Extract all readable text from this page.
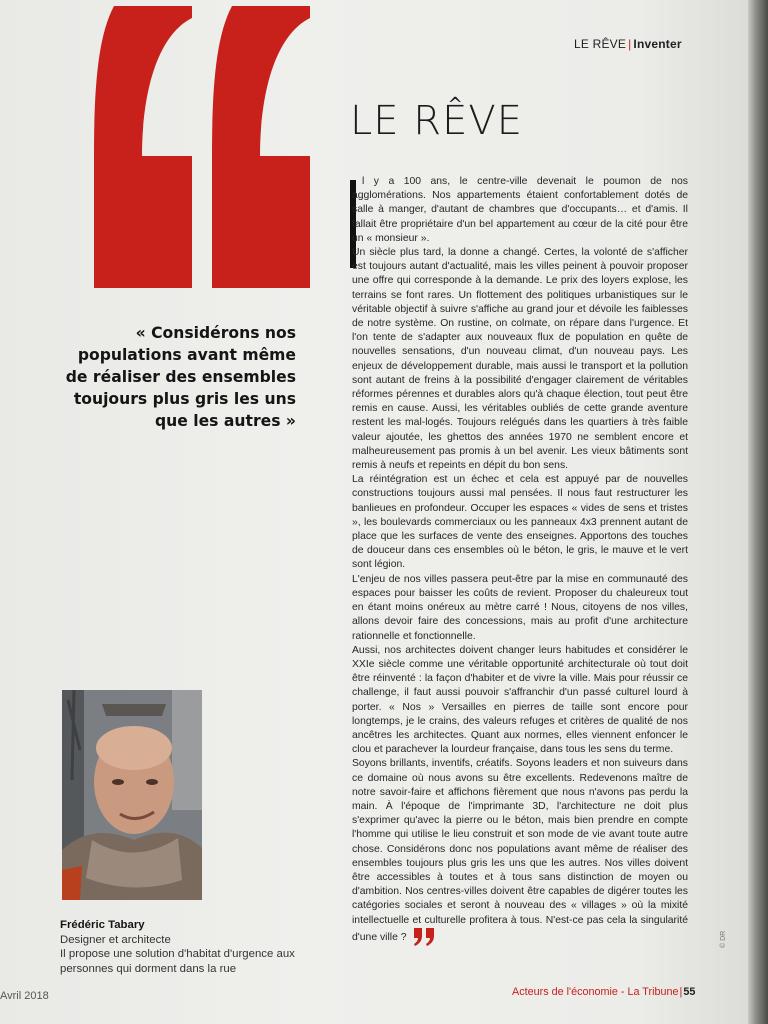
LE RÊVE | Inventer
LE RÊVE
« Considérons nos populations avant même de réaliser des ensembles toujours plus gris les uns que les autres »

l y a 100 ans, le centre-ville devenait le poumon de nos agglomérations. Nos appartements étaient confortablement dotés de salle à manger, d'autant de chambres que d'occupants… et d'amis. Il fallait être propriétaire d'un bel appartement au cœur de la cité pour être un « monsieur ».

Un siècle plus tard, la donne a changé. Certes, la volonté de s'afficher est toujours autant d'actualité, mais les villes peinent à pouvoir proposer une offre qui corresponde à la demande. Le prix des loyers explose, les terrains se font rares. Un flottement des politiques urbanistiques sur le véritable objectif à suivre s'affiche au grand jour et dévoile les faiblesses de notre système. On rustine, on colmate, on répare dans l'urgence. Et l'on tente de s'adapter aux nouveaux flux de population en quête de nouvelles sensations, d'un nouveau climat, d'un nouveau pays. Les enjeux de développement durable, mais aussi le transport et la pollution sont autant de freins à la possibilité d'engager clairement de véritables réformes pérennes et durables alors qu'à chaque élection, tout peut être remis en cause. Aussi, les véritables oubliés de cette grande aventure restent les mal-logés. Toujours relégués dans les quartiers à très faible valeur ajoutée, les ghettos des années 1970 ne semblent encore et malheureusement pas promis à un bel avenir. Les vieux bâtiments sont remis à neufs et repeints en dépit du bon sens.

La réintégration est un échec et cela est appuyé par de nouvelles constructions toujours aussi mal pensées. Il nous faut restructurer les banlieues en profondeur. Occuper les espaces « vides de sens et tristes », les boulevards commerciaux ou les panneaux 4x3 prennent autant de place que les surfaces de vente des enseignes. Apportons des touches de douceur dans ces ensembles où le béton, le gris, le mauve et le vert sont légion.

L'enjeu de nos villes passera peut-être par la mise en communauté des espaces pour baisser les coûts de revient. Proposer du chaleureux tout en étant moins onéreux au mètre carré ! Nous, citoyens de nos villes, allons devoir faire des concessions, mais au profit d'une architecture rationnelle et fonctionnelle.

Aussi, nos architectes doivent changer leurs habitudes et considérer le XXIe siècle comme une véritable opportunité architecturale où tout doit être réinventé : la façon d'habiter et de vivre la ville. Mais pour réussir ce challenge, il faut aussi pouvoir s'affranchir d'un passé culturel lourd à porter. « Nos » Versailles en pierres de taille sont encore pour longtemps, je le crains, des valeurs refuges et critères de qualité de nos ancêtres les architectes. Quant aux normes, elles viennent enfoncer le clou et parachever la lourdeur française, dans tous les sens du terme.

Soyons brillants, inventifs, créatifs. Soyons leaders et non suiveurs dans ce domaine où nous avons su être excellents. Redevenons maître de notre savoir-faire et affichons fièrement que nous n'avons pas perdu la main. À l'époque de l'imprimante 3D, l'architecture ne doit plus s'exprimer qu'avec la pierre ou le béton, mais bien prendre en compte l'homme qui utilise le lieu construit et son mode de vie avant toute autre chose. Considérons donc nos populations avant même de réaliser des ensembles toujours plus gris les uns que les autres. Nos villes doivent être accessibles à toutes et à tous sans distinction de moyen ou d'ambition. Nos centres-villes doivent être capables de digérer toutes les catégories sociales et seront à nouveau des « villages » où la mixité intellectuelle et culturelle profitera à tous. N'est-ce pas cela la singularité d'une ville ?

Frédéric Tabary
Designer et architecte
Il propose une solution d'habitat d'urgence aux personnes qui dorment dans la rue
© DR
Avril 2018	Acteurs de l'économie - La Tribune|55
